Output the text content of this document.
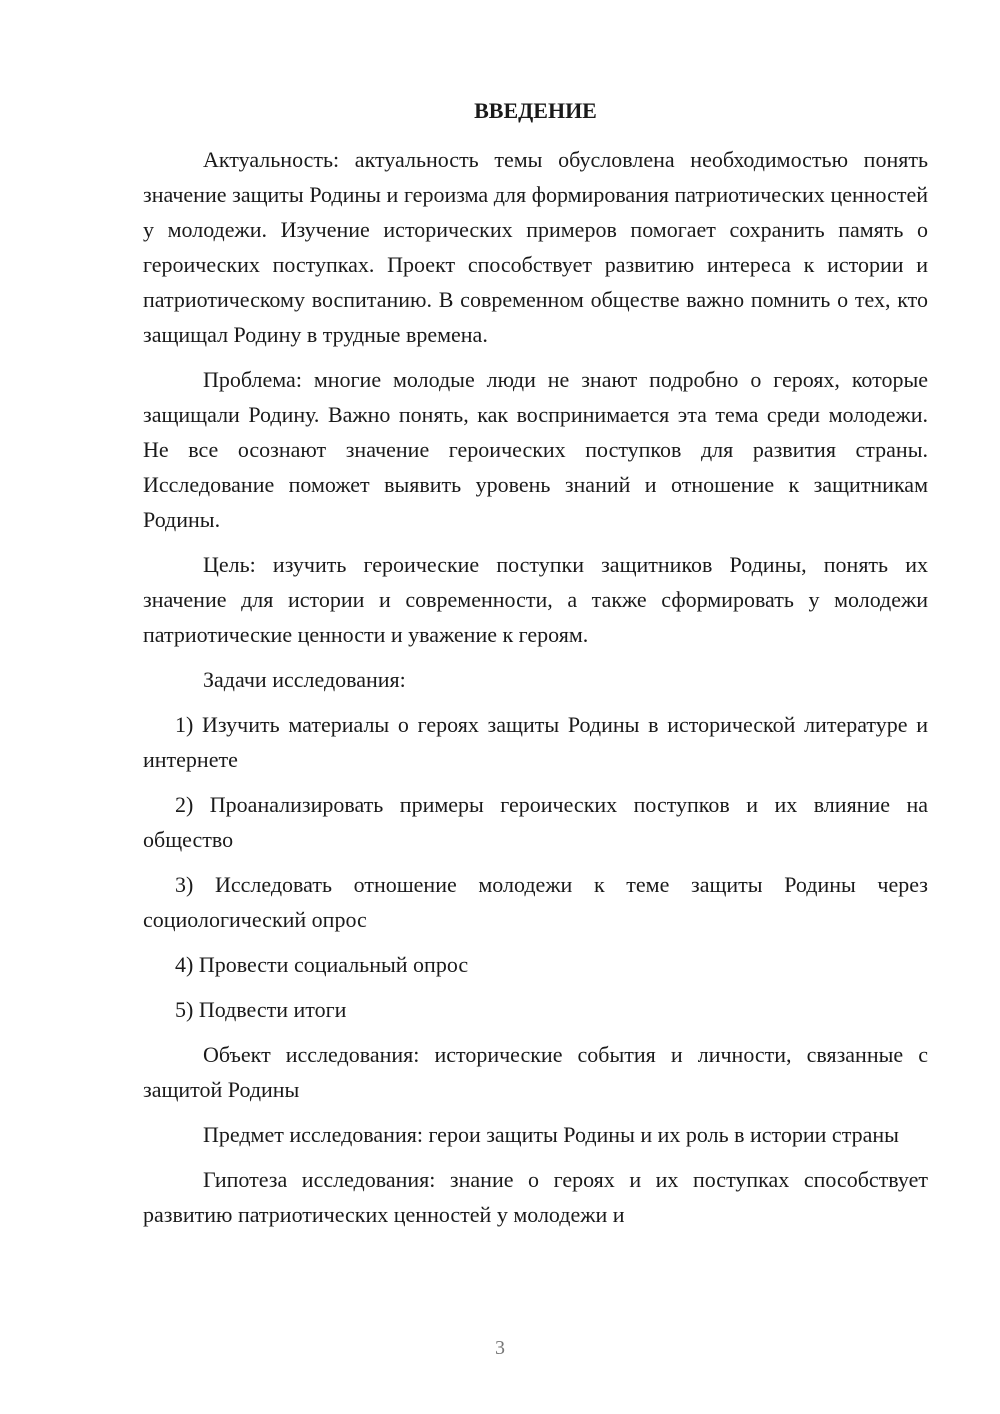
ВВЕДЕНИЕ

Актуальность: актуальность темы обусловлена необходимостью понять значение защиты Родины и героизма для формирования патриотических ценностей у молодежи. Изучение исторических примеров помогает сохранить память о героических поступках. Проект способствует развитию интереса к истории и патриотическому воспитанию. В современном обществе важно помнить о тех, кто защищал Родину в трудные времена.

Проблема: многие молодые люди не знают подробно о героях, которые защищали Родину. Важно понять, как воспринимается эта тема среди молодежи. Не все осознают значение героических поступков для развития страны. Исследование поможет выявить уровень знаний и отношение к защитникам Родины.

Цель: изучить героические поступки защитников Родины, понять их значение для истории и современности, а также сформировать у молодежи патриотические ценности и уважение к героям.

Задачи исследования:

1) Изучить материалы о героях защиты Родины в исторической литературе и интернете

2) Проанализировать примеры героических поступков и их влияние на общество

3) Исследовать отношение молодежи к теме защиты Родины через социологический опрос

4) Провести социальный опрос

5) Подвести итоги

Объект исследования: исторические события и личности, связанные с защитой Родины

Предмет исследования: герои защиты Родины и их роль в истории страны

Гипотеза исследования: знание о героях и их поступках способствует развитию патриотических ценностей у молодежи и

3
